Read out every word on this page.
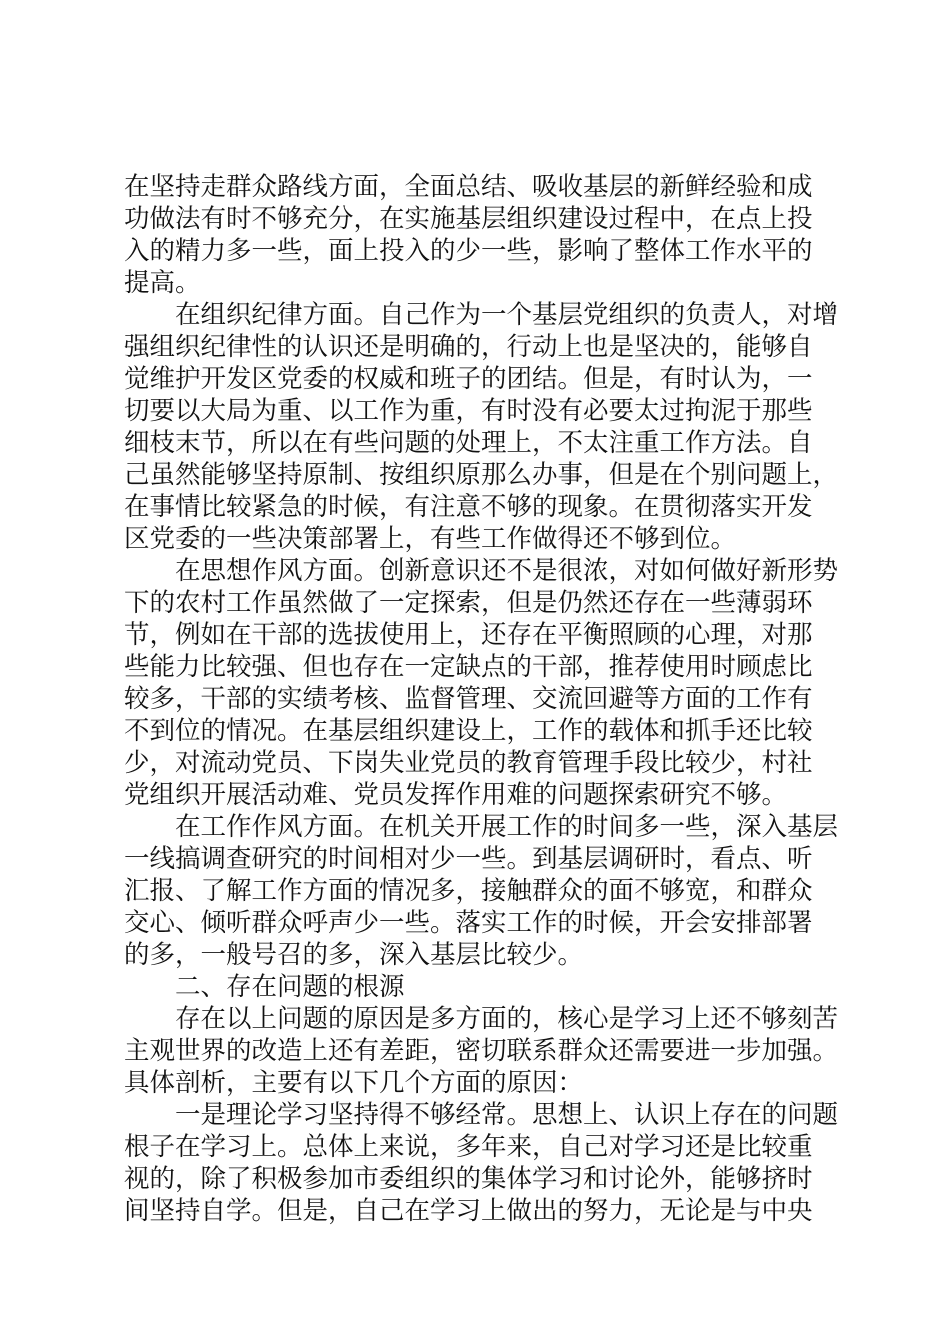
在坚持走群众路线方面，全面总结、吸收基层的新鲜经验和成
功做法有时不够充分，在实施基层组织建设过程中，在点上投
入的精力多一些，面上投入的少一些，影响了整体工作水平的
提高。
在组织纪律方面。自己作为一个基层党组织的负责人，对增
强组织纪律性的认识还是明确的，行动上也是坚决的，能够自
觉维护开发区党委的权威和班子的团结。但是，有时认为，一
切要以大局为重、以工作为重，有时没有必要太过拘泥于那些
细枝末节，所以在有些问题的处理上，不太注重工作方法。自
己虽然能够坚持原制、按组织原那么办事，但是在个别问题上，
在事情比较紧急的时候，有注意不够的现象。在贯彻落实开发
区党委的一些决策部署上，有些工作做得还不够到位。
在思想作风方面。创新意识还不是很浓，对如何做好新形势
下的农村工作虽然做了一定探索，但是仍然还存在一些薄弱环
节，例如在干部的选拔使用上，还存在平衡照顾的心理，对那
些能力比较强、但也存在一定缺点的干部，推荐使用时顾虑比
较多，干部的实绩考核、监督管理、交流回避等方面的工作有
不到位的情况。在基层组织建设上，工作的载体和抓手还比较
少，对流动党员、下岗失业党员的教育管理手段比较少，村社
党组织开展活动难、党员发挥作用难的问题探索研究不够。
在工作作风方面。在机关开展工作的时间多一些，深入基层
一线搞调查研究的时间相对少一些。到基层调研时，看点、听
汇报、了解工作方面的情况多，接触群众的面不够宽，和群众
交心、倾听群众呼声少一些。落实工作的时候，开会安排部署
的多，一般号召的多，深入基层比较少。
二、存在问题的根源
存在以上问题的原因是多方面的，核心是学习上还不够刻苦
主观世界的改造上还有差距，密切联系群众还需要进一步加强。
具体剖析，主要有以下几个方面的原因：
一是理论学习坚持得不够经常。思想上、认识上存在的问题
根子在学习上。总体上来说，多年来，自己对学习还是比较重
视的，除了积极参加市委组织的集体学习和讨论外，能够挤时
间坚持自学。但是，自己在学习上做出的努力，无论是与中央
